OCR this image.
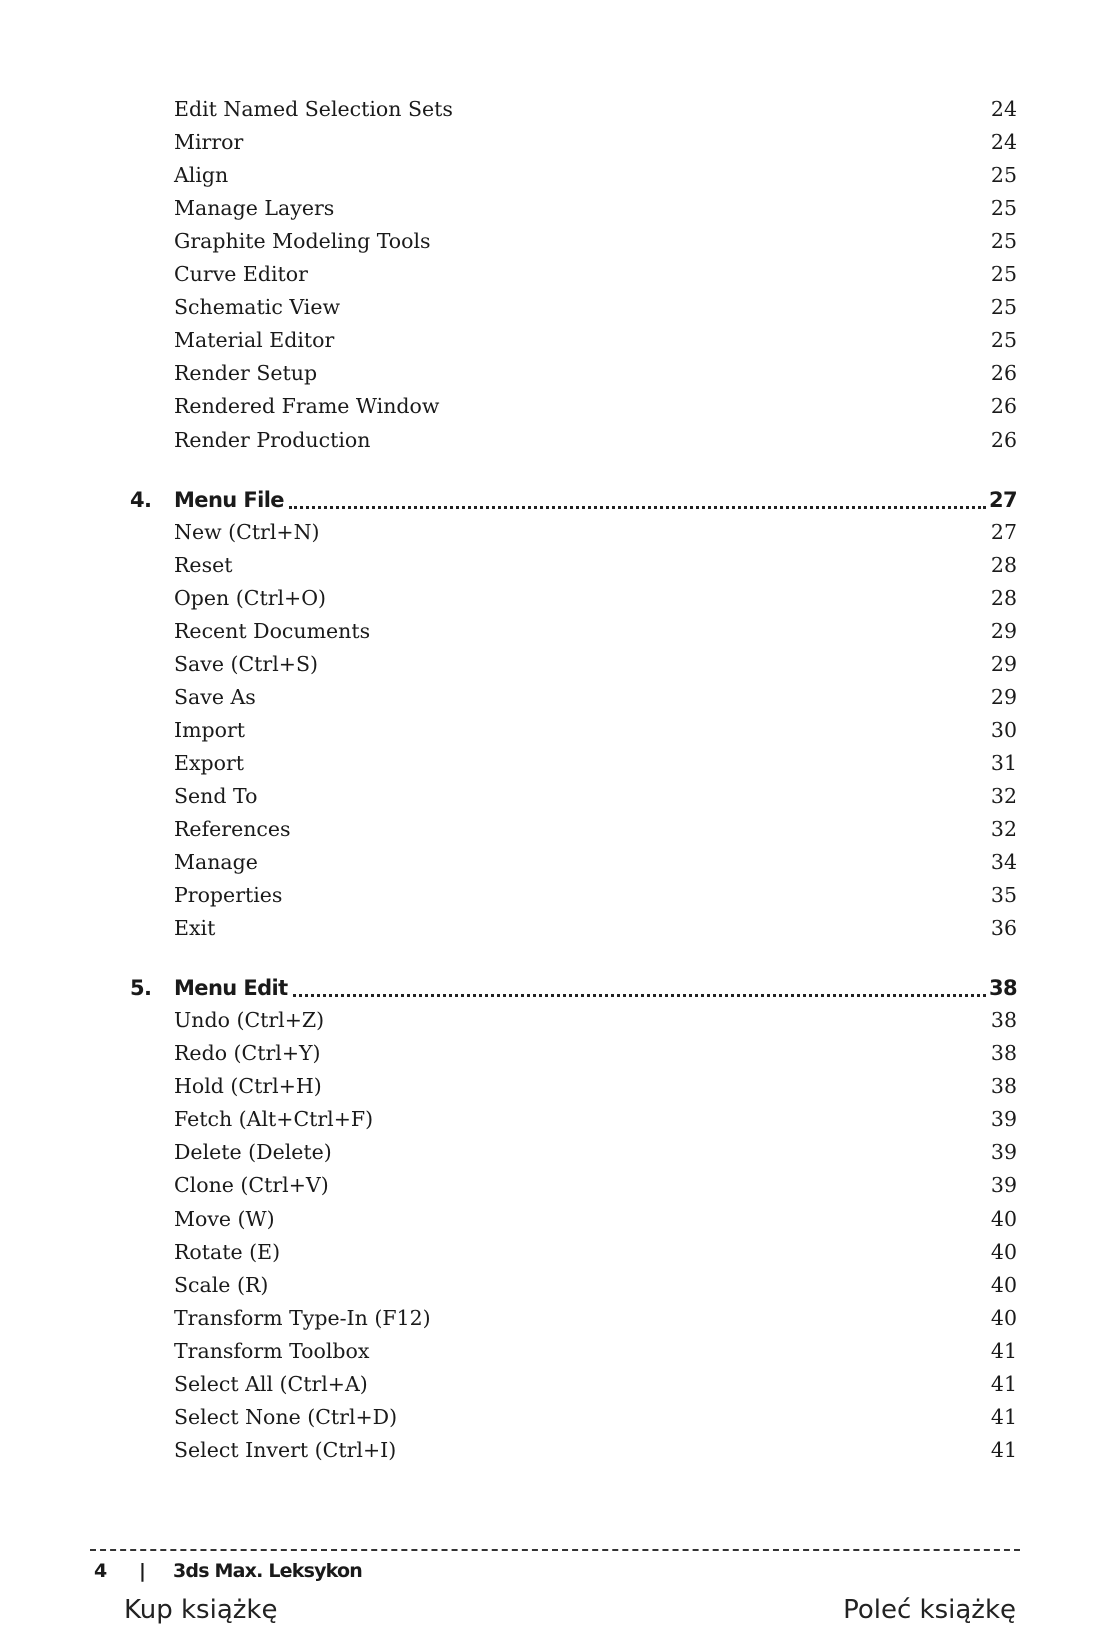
Edit Named Selection Sets	24
Mirror	24
Align	25
Manage Layers	25
Graphite Modeling Tools	25
Curve Editor	25
Schematic View	25
Material Editor	25
Render Setup	26
Rendered Frame Window	26
Render Production	26
4. Menu File	27
New (Ctrl+N)	27
Reset	28
Open (Ctrl+O)	28
Recent Documents	29
Save (Ctrl+S)	29
Save As	29
Import	30
Export	31
Send To	32
References	32
Manage	34
Properties	35
Exit	36
5. Menu Edit	38
Undo (Ctrl+Z)	38
Redo (Ctrl+Y)	38
Hold (Ctrl+H)	38
Fetch (Alt+Ctrl+F)	39
Delete (Delete)	39
Clone (Ctrl+V)	39
Move (W)	40
Rotate (E)	40
Scale (R)	40
Transform Type-In (F12)	40
Transform Toolbox	41
Select All (Ctrl+A)	41
Select None (Ctrl+D)	41
Select Invert (Ctrl+I)	41
4 | 3ds Max. Leksykon
Kup książkę	Poleć książkę
